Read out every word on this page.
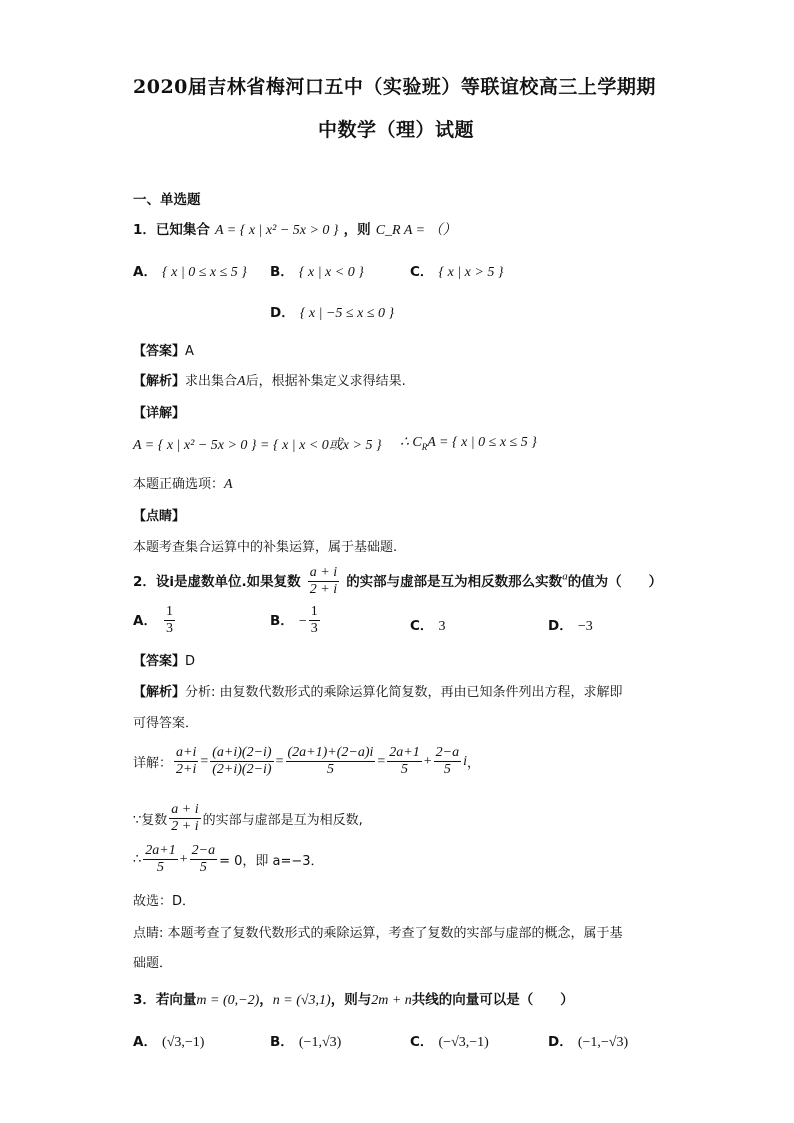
2020届吉林省梅河口五中（实验班）等联谊校高三上学期期
中数学（理）试题
一、单选题
1．已知集合 A = { x | x² − 5x > 0 } ，则 C_R A = （）
A． { x | 0 ≤ x ≤ 5 } B． { x | x < 0 }	C． { x | x > 5 }
D． { x | −5 ≤ x ≤ 0 }
【答案】A
【解析】求出集合A后，根据补集定义求得结果.
【详解】
A = { x | x² − 5x > 0 } = { x | x < 0或x > 5 } ∴ $C_RA$ = { x | 0 ≤ x ≤ 5 }
本题正确选项：A
【点睛】
本题考查集合运算中的补集运算，属于基础题.
2．设i是虚数单位.如果复数 $\frac{a + i}{2 + i}$ 的实部与虚部是互为相反数那么实数$^a$的值为（　　）
A． $\frac{1}{3}$	B． − $\frac{1}{3}$	C． 3	D． −3
【答案】D
【解析】分析: 由复数代数形式的乘除运算化简复数，再由已知条件列出方程，求解即
可得答案．
详解： $\frac{a+i}{2+i} = \frac{(a+i)(2-i)}{(2+i)(2-i)} = \frac{(2a+1)+(2-a)i}{5} = \frac{2a+1}{5} + \frac{2-a}{5}$ i ，
∵复数 $\frac{a + i}{2 + i}$ 的实部与虚部是互为相反数,
∴ $\frac{2a+1}{5} + \frac{2-a}{5} = 0$，即 a=−3．
故选：D．
点睛: 本题考查了复数代数形式的乘除运算，考查了复数的实部与虚部的概念，属于基
础题．
3．若向量m = (0,−2)，n = (√3,1)，则与2m + n共线的向量可以是（　　）
A． (√3,−1)	B． (−1,√3)	C． (−√3,−1)	D． (−1,−√3)
